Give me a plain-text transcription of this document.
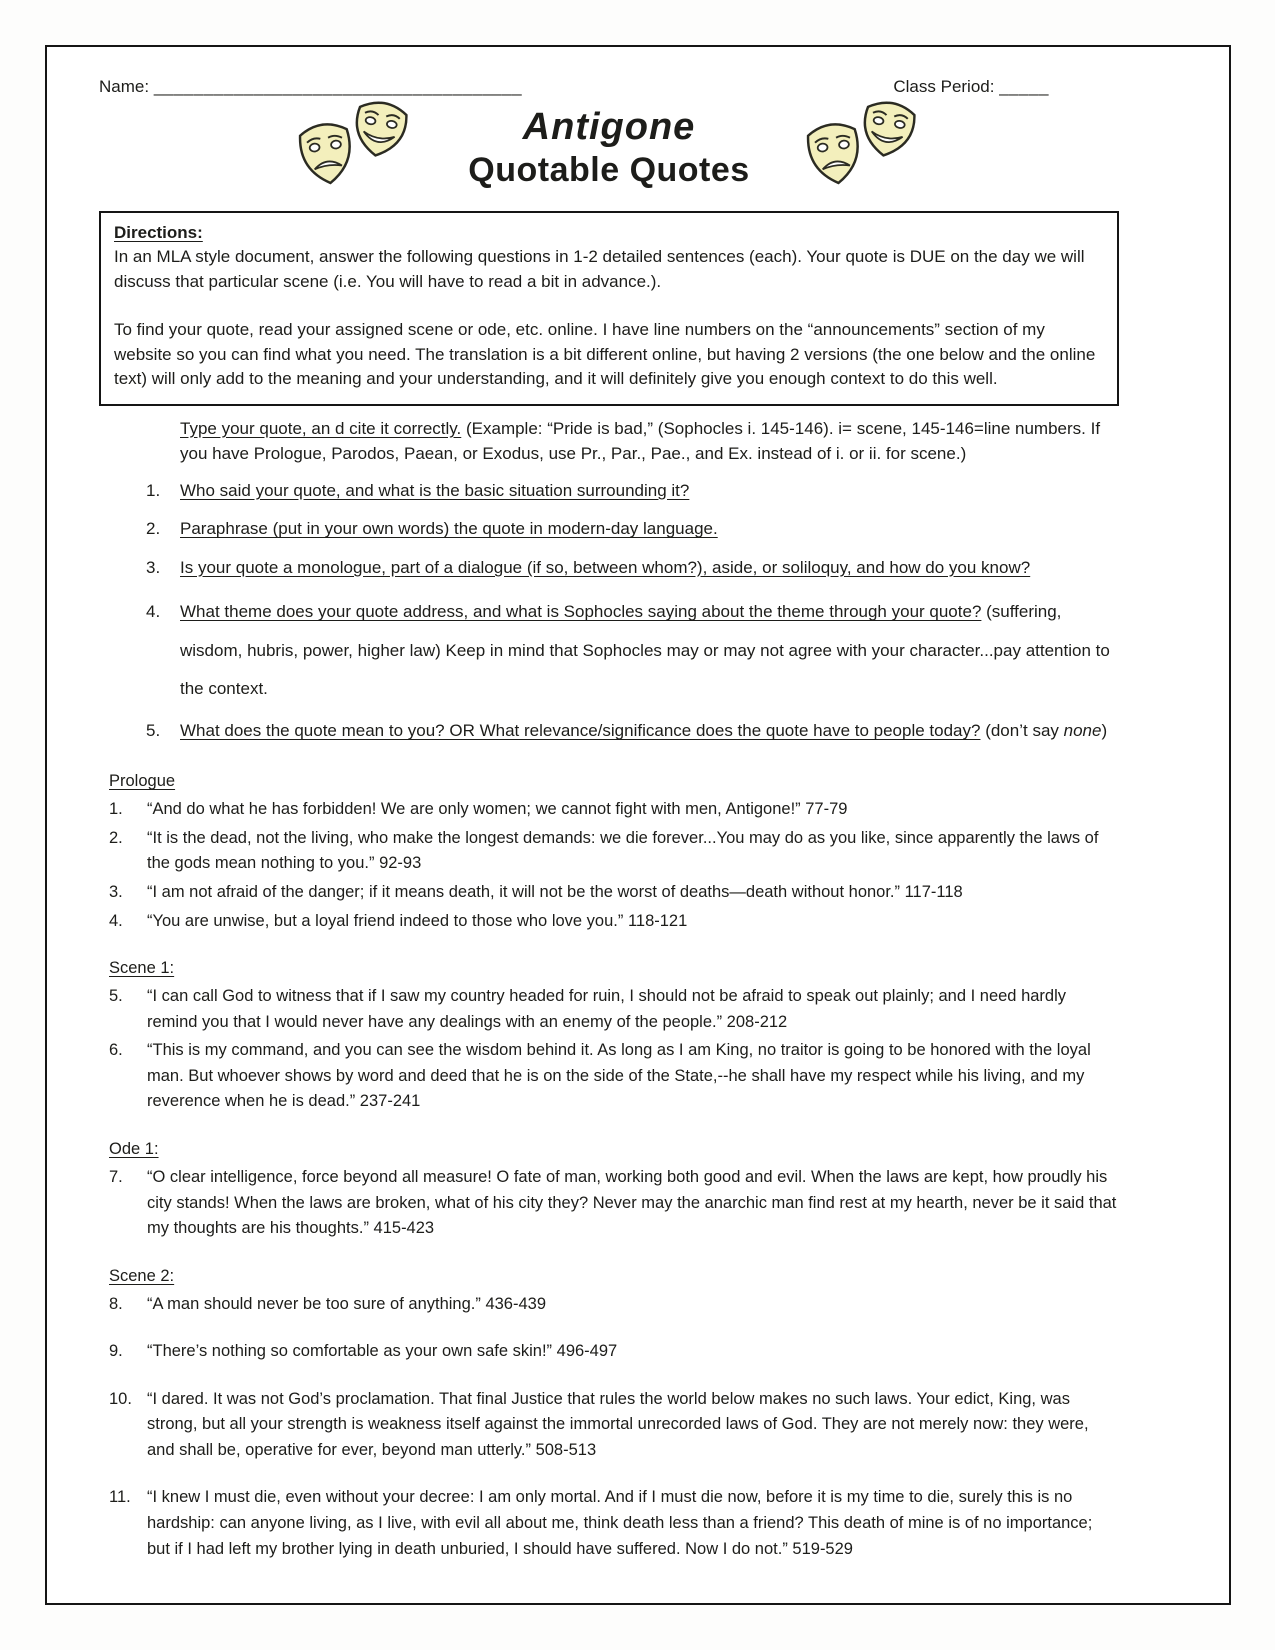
Name: _____________________________________	Class Period: _____
Antigone
Quotable Quotes
Directions:

In an MLA style document, answer the following questions in 1-2 detailed sentences (each). Your quote is DUE on the day we will discuss that particular scene (i.e. You will have to read a bit in advance.).

To find your quote, read your assigned scene or ode, etc. online. I have line numbers on the “announcements” section of my website so you can find what you need. The translation is a bit different online, but having 2 versions (the one below and the online text) will only add to the meaning and your understanding, and it will definitely give you enough context to do this well.

Type your quote, an d cite it correctly. (Example: “Pride is bad,” (Sophocles i. 145-146). i= scene, 145-146=line numbers. If you have Prologue, Parodos, Paean, or Exodus, use Pr., Par., Pae., and Ex. instead of i. or ii. for scene.)
1. Who said your quote, and what is the basic situation surrounding it?
2. Paraphrase (put in your own words) the quote in modern-day language.
3. Is your quote a monologue, part of a dialogue (if so, between whom?), aside, or soliloquy, and how do you know?
4. What theme does your quote address, and what is Sophocles saying about the theme through your quote? (suffering, wisdom, hubris, power, higher law) Keep in mind that Sophocles may or may not agree with your character...pay attention to the context.
5. What does the quote mean to you? OR What relevance/significance does the quote have to people today? (don’t say none)
Prologue
1. “And do what he has forbidden! We are only women; we cannot fight with men, Antigone!” 77-79
2. “It is the dead, not the living, who make the longest demands: we die forever...You may do as you like, since apparently the laws of the gods mean nothing to you.” 92-93
3. “I am not afraid of the danger; if it means death, it will not be the worst of deaths—death without honor.” 117-118
4. “You are unwise, but a loyal friend indeed to those who love you.” 118-121
Scene 1:
5. “I can call God to witness that if I saw my country headed for ruin, I should not be afraid to speak out plainly; and I need hardly remind you that I would never have any dealings with an enemy of the people.” 208-212
6. “This is my command, and you can see the wisdom behind it. As long as I am King, no traitor is going to be honored with the loyal man. But whoever shows by word and deed that he is on the side of the State,--he shall have my respect while his living, and my reverence when he is dead.” 237-241
Ode 1:
7. “O clear intelligence, force beyond all measure! O fate of man, working both good and evil. When the laws are kept, how proudly his city stands! When the laws are broken, what of his city they? Never may the anarchic man find rest at my hearth, never be it said that my thoughts are his thoughts.” 415-423
Scene 2:
8. “A man should never be too sure of anything.” 436-439
9. “There’s nothing so comfortable as your own safe skin!” 496-497
10. “I dared. It was not God’s proclamation. That final Justice that rules the world below makes no such laws. Your edict, King, was strong, but all your strength is weakness itself against the immortal unrecorded laws of God. They are not merely now: they were, and shall be, operative for ever, beyond man utterly.” 508-513
11. “I knew I must die, even without your decree: I am only mortal. And if I must die now, before it is my time to die, surely this is no hardship: can anyone living, as I live, with evil all about me, think death less than a friend? This death of mine is of no importance; but if I had left my brother lying in death unburied, I should have suffered. Now I do not.” 519-529
